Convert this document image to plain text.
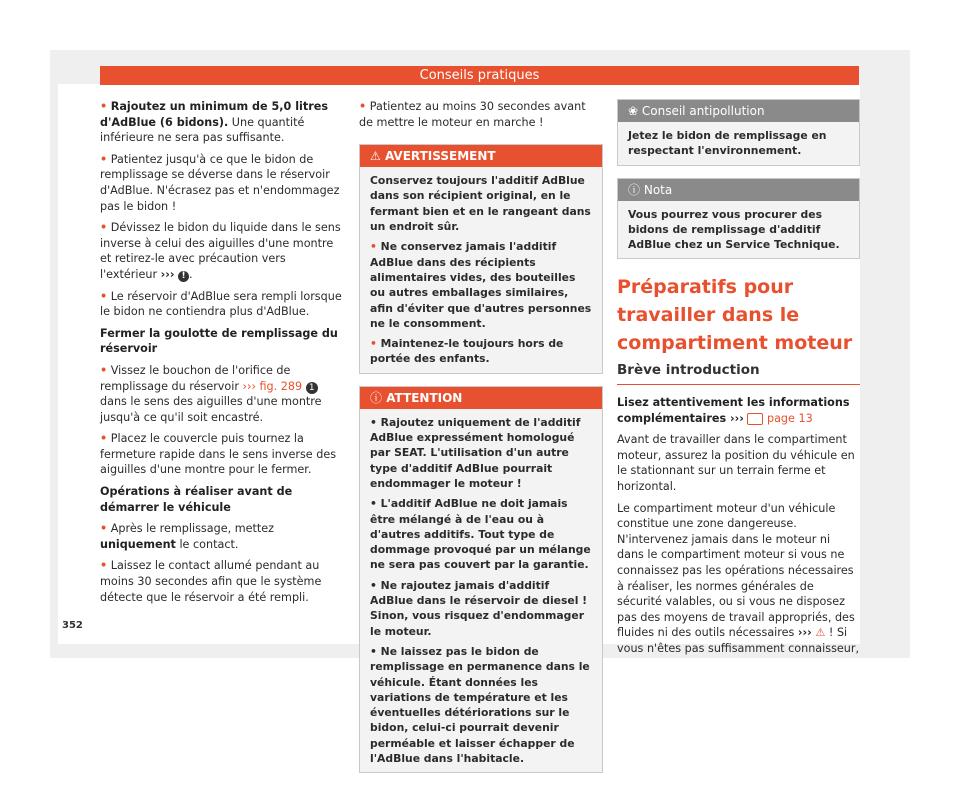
Conseils pratiques

• Rajoutez un minimum de 5,0 litres d'AdBlue (6 bidons). Une quantité inférieure ne sera pas suffisante.

• Patientez jusqu'à ce que le bidon de remplissage se déverse dans le réservoir d'AdBlue. N'écrasez pas et n'endommagez pas le bidon !

• Dévissez le bidon du liquide dans le sens inverse à celui des aiguilles d'une montre et retirez-le avec précaution vers l'extérieur ››› ! .

• Le réservoir d'AdBlue sera rempli lorsque le bidon ne contiendra plus d'AdBlue.

Fermer la goulotte de remplissage du réservoir

• Vissez le bouchon de l'orifice de remplissage du réservoir ››› fig. 289 1 dans le sens des aiguilles d'une montre jusqu'à ce qu'il soit encastré.

• Placez le couvercle puis tournez la fermeture rapide dans le sens inverse des aiguilles d'une montre pour le fermer.

Opérations à réaliser avant de démarrer le véhicule

• Après le remplissage, mettez uniquement le contact.

• Laissez le contact allumé pendant au moins 30 secondes afin que le système détecte que le réservoir a été rempli.

• Patientez au moins 30 secondes avant de mettre le moteur en marche !

⚠ AVERTISSEMENT

Conservez toujours l'additif AdBlue dans son récipient original, en le fermant bien et en le rangeant dans un endroit sûr.

• Ne conservez jamais l'additif AdBlue dans des récipients alimentaires vides, des bouteilles ou autres emballages similaires, afin d'éviter que d'autres personnes ne le consomment.

• Maintenez-le toujours hors de portée des enfants.

ⓘ ATTENTION

• Rajoutez uniquement de l'additif AdBlue expressément homologué par SEAT. L'utilisation d'un autre type d'additif AdBlue pourrait endommager le moteur !

• L'additif AdBlue ne doit jamais être mélangé à de l'eau ou à d'autres additifs. Tout type de dommage provoqué par un mélange ne sera pas couvert par la garantie.

• Ne rajoutez jamais d'additif AdBlue dans le réservoir de diesel ! Sinon, vous risquez d'endommager le moteur.

• Ne laissez pas le bidon de remplissage en permanence dans le véhicule. Étant données les variations de température et les éventuelles détériorations sur le bidon, celui-ci pourrait devenir perméable et laisser échapper de l'AdBlue dans l'habitacle.

❀ Conseil antipollution

Jetez le bidon de remplissage en respectant l'environnement.

ⓘ Nota

Vous pourrez vous procurer des bidons de remplissage d'additif AdBlue chez un Service Technique.

Préparatifs pour travailler dans le compartiment moteur
Brève introduction

Lisez attentivement les informations complémentaires ››› page 13

Avant de travailler dans le compartiment moteur, assurez la position du véhicule en le stationnant sur un terrain ferme et horizontal.

Le compartiment moteur d'un véhicule constitue une zone dangereuse. N'intervenez jamais dans le moteur ni dans le compartiment moteur si vous ne connaissez pas les opérations nécessaires à réaliser, les normes générales de sécurité valables, ou si vous ne disposez pas des moyens de travail appropriés, des fluides ni des outils nécessaires ››› ⚠ ! Si vous n'êtes pas suffisamment connaisseur,

352
